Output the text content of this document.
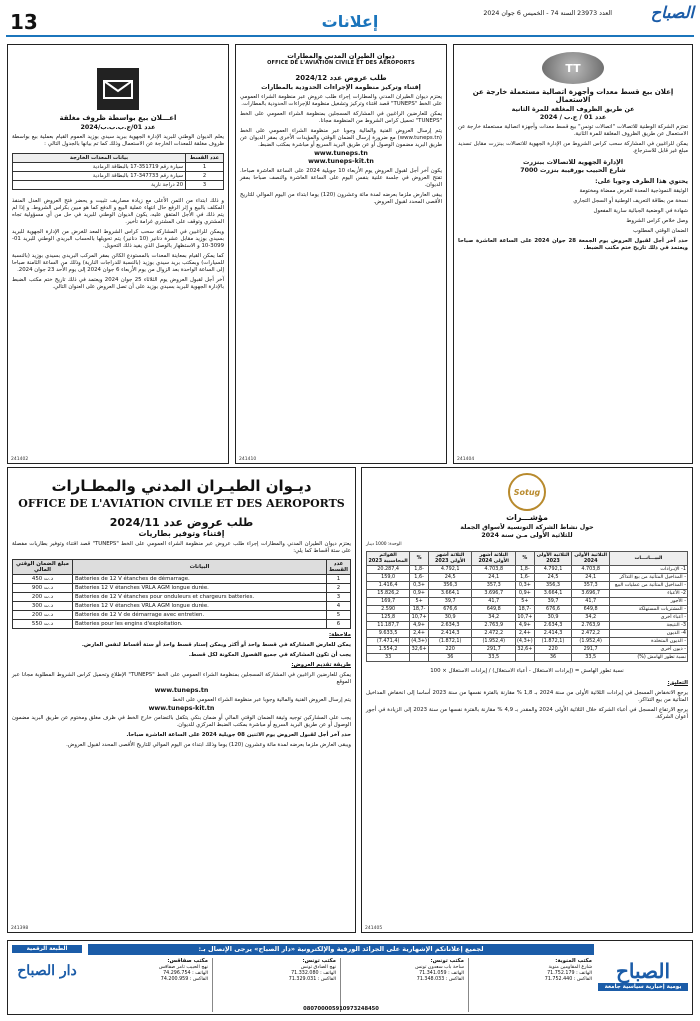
13	إعلانات	الصباح
العدد 23973 السنة 74 - الخميس 6 جوان 2024
اعـــلان بيع بواسطة ظروف مغلقة
عدد 01/ج.ب.ب.ب/2024
يعلم الديوان الوطني للبريد الإدارة الجهوية ببريد سيدي بوزيد العموم القيام بعملية بيع بواسطة ظروف مغلقة للمعدات الخارجة عن الاستعمال وذلك كما تم بيانها بالجدول التالي :
عدد القسط	بيانات المعدات الخارجة
1	سيارة رقم 351719-17 بالبطاقة الرمادية
2	سيارة رقم 347733-17 بالبطاقة الرمادية
3	20 دراجة نارية
و ذلك ابتداء من الثمن الأعلى مع زيادة مصاريف تثبيت و يحضر فتح العروض العدل المنفذ المكلف بالبيع و إثر الرفع حال انتهاء عملية البيع و الدفع كما هو مبين بكراس الشروط. و إذا لم يتم ذلك في الأجل المتفق عليه، يكون الديوان الوطني للبريد في حل من أي مسؤولية تجاه المشتري وتوقف على المشتري غرامة تأخير.
ويمكن للراغبين في المشاركة سحب كراس الشروط المعد للغرض من الإدارة الجهوية للبريد بسيدي بوزيد مقابل عشرة دنانير (10 دنانير) يتم تحويلها بالحساب البريدي الوطني للبريد 01-3099-10 و الاستظهار بالوصل الذي يفيد ذلك التحويل.
كما يمكن القيام بمعاينة المعدات بالمستودع الكائن بمقر المركب البريدي بسيدي بوزيد (بالنسبة للسيارات) وبمكتب بريد سيدي بوزيد (بالنسبة للدراجات النارية) وذلك من الساعة الثامنة صباحا إلى الساعة الواحدة بعد الزوال من يوم الأربعاء 6 جوان 2024 إلى يوم الأحد 23 جوان 2024.
آخر أجل لقبول العروض يوم الثلاثاء 25 جوان 2024 ويعتمد في ذلك تاريخ ختم مكتب الضبط بالإدارة الجهوية للبريد بسيدي بوزيد على أن تصل العروض على العنوان التالي.
241402
ديوان الطيران المدني والمطارات
OFFICE DE L'AVIATION CIVILE ET DES AEROPORTS
طلب عروض عدد 2024/12
إقتناء وتركيز منظومة الإجراءات الحدودية بالمطارات
يعتزم ديوان الطيران المدني والمطارات إجراء طلب عروض عبر منظومة الشراء العمومي على الخط "TUNEPS" قصد اقتناء وتركيز وتشغيل منظومة للإجراءات الحدودية بالمطارات.
يمكن للعارضين الراغبين في المشاركة المسجلين بمنظومة الشراء العمومي على الخط "TUNEPS" تحميل كراس الشروط من المنظومة مجانا.
يتم إرسال العروض الفنية والمالية وجوبا عبر منظومة الشراء العمومي على الخط (www.tuneps.tn) مع ضرورة إرسال الضمان الوقتي والمؤيدات الأخرى بمقر الديوان عن طريق البريد مضمون الوصول أو عن طريق البريد السريع أو مباشرة بمكتب الضبط.
www.tuneps.tn
www.tuneps-kit.tn
يكون آخر أجل لقبول العروض يوم الأربعاء 10 جويلية 2024 على الساعة العاشرة صباحا. تفتح العروض في جلسة علنية بنفس اليوم على الساعة العاشرة والنصف صباحا بمقر الديوان.
يبقى العارض ملزما بعرضه لمدة مائة وعشرون (120) يوما ابتداء من اليوم الموالي للتاريخ الأقصى المحدد لقبول العروض.
241410
TT
إعلان بيع قسط معدات وأجهزة اتصالية مستعملة خارجة عن الاستعمال
عن طريق الظروف المغلقة للمرة الثانية
عدد 01 / ج.ب / 2024
تعتزم الشركة الوطنية للاتصالات "اتصالات تونس" بيع قسط معدات وأجهزة اتصالية مستعملة خارجة عن الاستعمال عن طريق الظروف المغلقة للمرة الثانية.
يمكن للراغبين في المشاركة سحب كراس الشروط من الإدارة الجهوية للاتصالات ببنزرت مقابل تسديد مبلغ غير قابل للاسترجاع.
الإدارة الجهوية للاتصالات ببنزرت
شارع الحبيب بورقيبة بنزرت 7000
يحتوي هذا الظرف وجوبا على:
الوثيقة النموذجية المعدة للغرض ممضاة ومختومة
نسخة من بطاقة التعريف الوطنية أو السجل التجاري
شهادة في الوضعية الجبائية سارية المفعول
وصل خلاص كراس الشروط
الضمان الوقتي المطلوب
حدد آخر أجل لقبول العروض يوم الجمعة 28 جوان 2024 على الساعة العاشرة صباحا ويعتمد في ذلك تاريخ ختم مكتب الضبط.
241404
ديـوان الطيـران المدني والمطـارات
OFFICE DE L'AVIATION CIVILE ET DES AEROPORTS
طلب عروض عدد 2024/11
إقتناء وتوفير بطاريات
يعتزم ديوان الطيران المدني والمطارات إجراء طلب عروض عبر منظومة الشراء العمومي على الخط "TUNEPS" قصد اقتناء وتوفير بطاريات مفصلة على ستة أقساط كما يلي:
مبلغ الضمان الوقتي المالي	البيانات	عدد القسط
450 د.ت	Batteries de 12 V étanches de démarrage.	1
900 د.ت	Batteries 12 V étanches VRLA AGM longue durée.	2
200 د.ت	Batteries de 12 V étanches pour onduleurs et chargeurs batteries.	3
300 د.ت	Batteries 12 V étanches VRLA AGM longue durée.	4
200 د.ت	Batteries de 12 V de démarrage avec entretien.	5
550 د.ت	Batteries pour les engins d'exploitation.	6
ملاحظة:
يمكن للعارض المشاركة في قسط واحد أو أكثر ويمكن إسناد قسط واحد أو ستة أقساط لنفس العارض.
يجب أن تكون المشاركة في جميع الفصول المكونة لكل قسط.
طريقة تقديم العروض:
يمكن للعارضين الراغبين في المشاركة المسجلين بمنظومة الشراء العمومي على الخط "TUNEPS" الإطلاع وتحميل كراس الشروط المطلوبة مجانا عبر الموقع
www.tuneps.tn
يتم إرسال العروض الفنية والمالية وجوبا عبر منظومة الشراء العمومي على الخط
www.tuneps-kit.tn
يجب على المشاركين توجيه وثيقة الضمان الوقتي المالي أو ضمان بنكي يتكفل بالتضامن خارج الخط في ظرف مغلق ومختوم عن طريق البريد مضمون الوصول أو عن طريق البريد السريع أو مباشرة بمكتب الضبط المركزي للديوان.
حدد آخر أجل لقبول العروض يوم الاثنين 08 جويلية 2024 على الساعة العاشرة صباحا.
ويبقى العارض ملزما بعرضه لمدة مائة وعشرون (120) يوما وذلك ابتداء من اليوم الموالي للتاريخ الأقصى المحدد لقبول العروض.
241398
Sotug
مؤشـــرات
حول نشاط الشركة التونسية لأسواق الجملة
للثلاثية الأولى مـن سنة 2024
الوحدة: 1000 دينار
البيـــانـــات	الثلاثية الأولى 2024	الثلاثية الأولى 2023	%	الثلاثة أشهر الأولى 2024	الثلاثة أشهر الأولى 2023	%	القوائم المحاسبية 2023
1- الإيـرادات	4.703,8	4.792,1	-1,8	4.703,8	4.792,1	-1,8	20.287,4
- المداخيل المتأتية من بيع التذاكر	24,1	24,5	-1,6	24,1	24,5	-1,6	159,0
- المداخيل المتأتية من عمليات البيع	357,3	356,3	+0,3	357,3	356,3	+0,3	1.416,4
2- الأعباء	3.696,7	3.664,1	+0,9	3.696,7	3.664,1	+0,9	15.826,2
- الأجور	41,7	39,7	+5	41,7	39,7	+5	169,7
- المشتريات المستهلكة	649,8	676,6	-18,7	649,8	676,6	-18,7	2.590
- أعباء أخرى	34,2	30,9	+10,7	34,2	30,9	+10,7	125,8
3- النتيجة	2.763,9	2.634,3	+4,9	2.763,9	2.634,3	+4,9	11.187,7
4- الديون	2.472,2	2.414,3	+2,4	2.472,2	2.414,3	+2,4	9.633,5
- الديون المتخلدة	(1.952,4)	(1.872,1)	(+4,3)	(1.952,4)	(1.872,1)	(+4,3)	(7.471,4)
- ديون أخرى	291,7	220	+32,6	291,7	220	+32,6	1.554,2
نسبة تطور الهامش (%)	33,5	36		33,5	36		33
نسبة تطور الهامش = (إيرادات الاستغلال - أعباء الاستغلال) / إيرادات الاستغلال × 100
التعليق:
يرجع الانخفاض المسجل في إيرادات الثلاثية الأولى من سنة 2024 بـ 1,8 % مقارنة بالفترة نفسها من سنة 2023 أساسا إلى انخفاض المداخيل المتأتية من بيع التذاكر.
يرجع الارتفاع المسجل في أعباء الشركة خلال الثلاثية الأولى 2024 والمقدر بـ 4,9 % مقارنة بالفترة نفسها من سنة 2023 إلى الزيادة في أجور أعوان الشركة.
241405
الطبعة الرقمية
دار الصباح
لجميع إعلاناتكم الإشهارية على الجرائد الورقية والإلكترونية «دار الصباح» يرجى الإتصال بـ:
مكتب المنوبة:
شارع المقاومين منوبة
الهاتف : 71.752.179
الفاكس : 71.752.440
مكتب تونس:
ساحة باب سعدون تونس
الهاتف : 71.341.059
الفاكس : 71.348.033
مكتب تونس:
نهج الصادق تونس
الهاتف : 71.332.080
الفاكس : 71.329.031
مكتب صفاقس:
نهج الحبيب ثامر صفاقس
الهاتف : 74.296.754
الفاكس : 74.200.959
080700005910973248450
الصباح
يومية إخبارية سياسية جامعة
